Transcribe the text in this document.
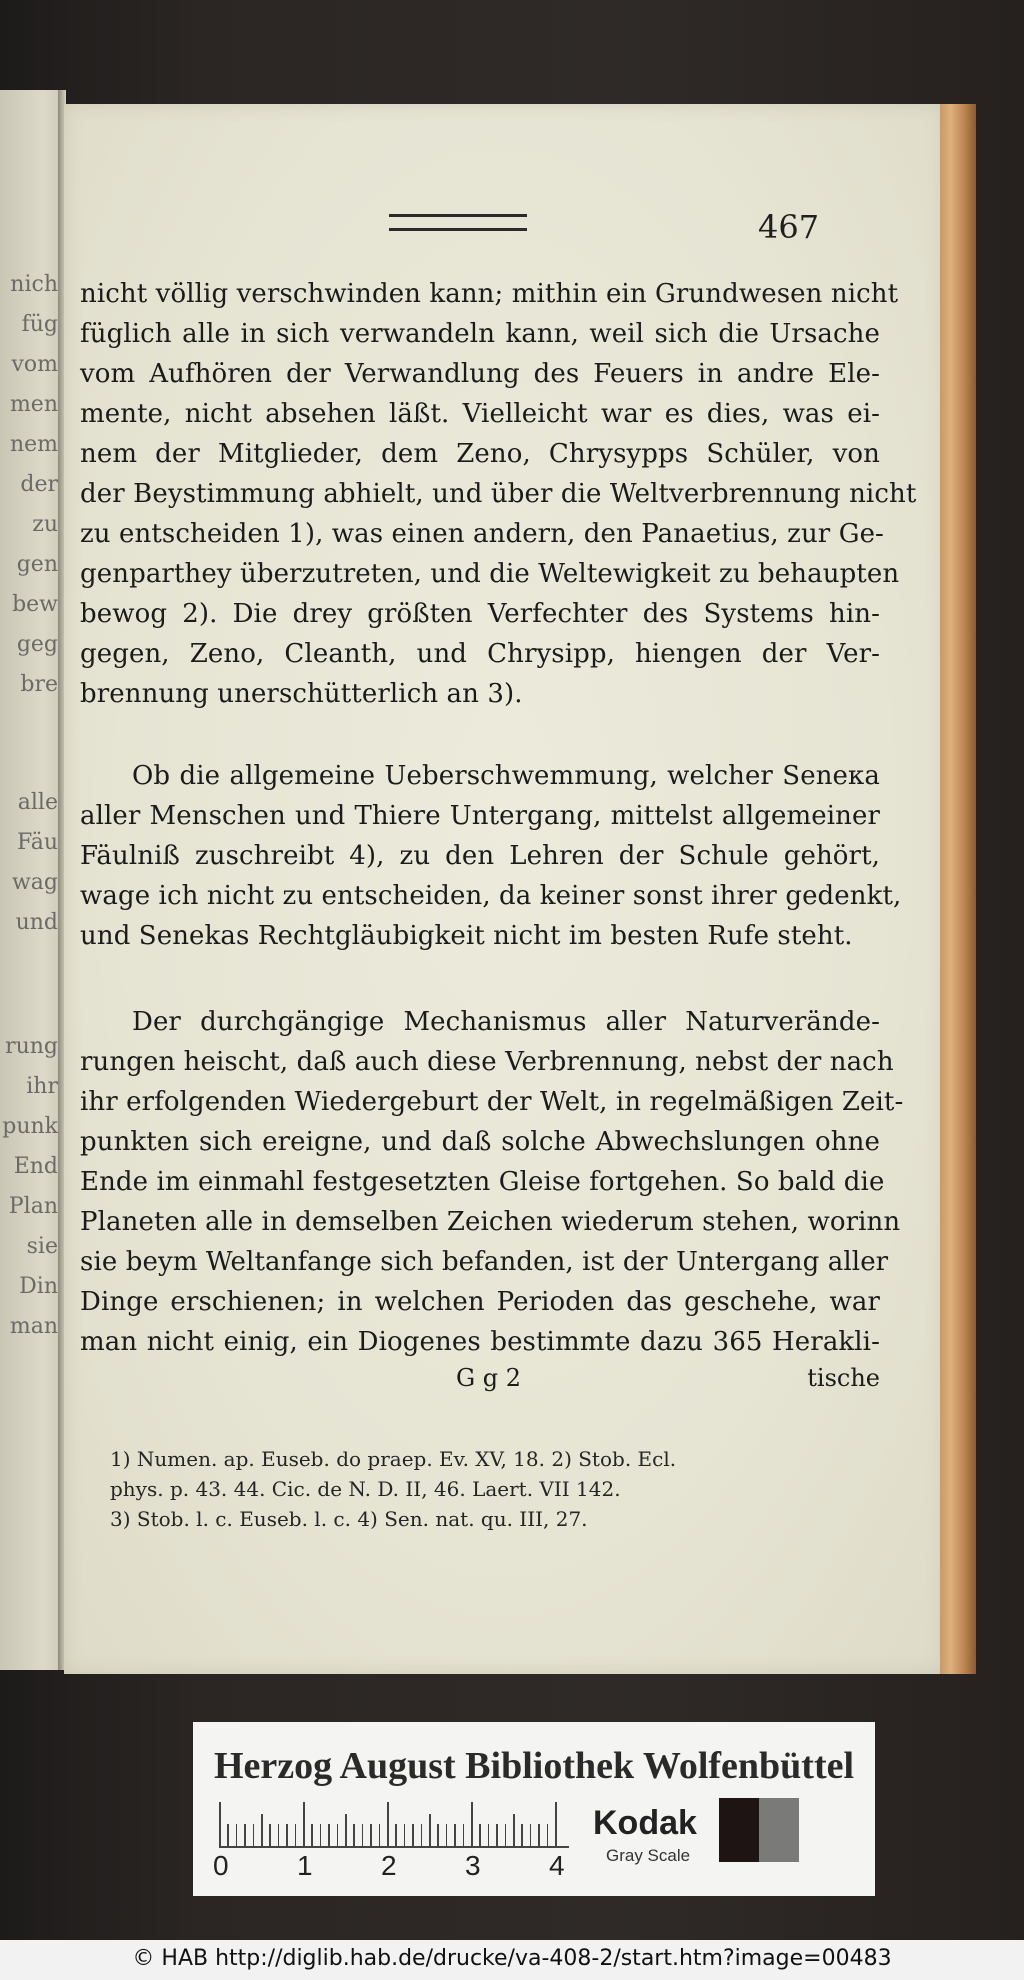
nich
füg
vom
men
nem
der
zu
gen
bew
geg
bre
alle
Fäu
wag
und
rung
ihr
punk
End
Plan
sie
Din
man
467
nicht völlig verschwinden kann; mithin ein Grundwesen nicht
füglich alle in sich verwandeln kann, weil sich die Ursache
vom Aufhören der Verwandlung des Feuers in andre Ele-
mente, nicht absehen läßt. Vielleicht war es dies, was ei-
nem der Mitglieder, dem Zeno, Chrysypps Schüler, von
der Beystimmung abhielt, und über die Weltverbrennung nicht
zu entscheiden 1), was einen andern, den Panaetius, zur Ge-
genparthey überzutreten, und die Weltewigkeit zu behaupten
bewog 2). Die drey größten Verfechter des Systems hin-
gegen, Zeno, Cleanth, und Chrysipp, hiengen der Ver-
brennung unerschütterlich an 3).
Ob die allgemeine Ueberschwemmung, welcher Senека
aller Menschen und Thiere Untergang, mittelst allgemeiner
Fäulniß zuschreibt 4), zu den Lehren der Schule gehört,
wage ich nicht zu entscheiden, da keiner sonst ihrer gedenkt,
und Senekas Rechtgläubigkeit nicht im besten Rufe steht.
Der durchgängige Mechanismus aller Naturverände-
rungen heischt, daß auch diese Verbrennung, nebst der nach
ihr erfolgenden Wiedergeburt der Welt, in regelmäßigen Zeit-
punkten sich ereigne, und daß solche Abwechslungen ohne
Ende im einmahl festgesetzten Gleise fortgehen. So bald die
Planeten alle in demselben Zeichen wiederum stehen, worinn
sie beym Weltanfange sich befanden, ist der Untergang aller
Dinge erschienen; in welchen Perioden das geschehe, war
man nicht einig, ein Diogenes bestimmte dazu 365 Herakli-
G g 2	tische
1) Numen. ap. Euseb. do praep. Ev. XV, 18. 2) Stob. Ecl.
phys. p. 43. 44. Cic. de N. D. II, 46. Laert. VII 142.
3) Stob. l. c. Euseb. l. c. 4) Sen. nat. qu. III, 27.
Herzog August Bibliothek Wolfenbüttel
0 1 2 3 4
Kodak
Gray Scale
© HAB http://diglib.hab.de/drucke/va-408-2/start.htm?image=00483
